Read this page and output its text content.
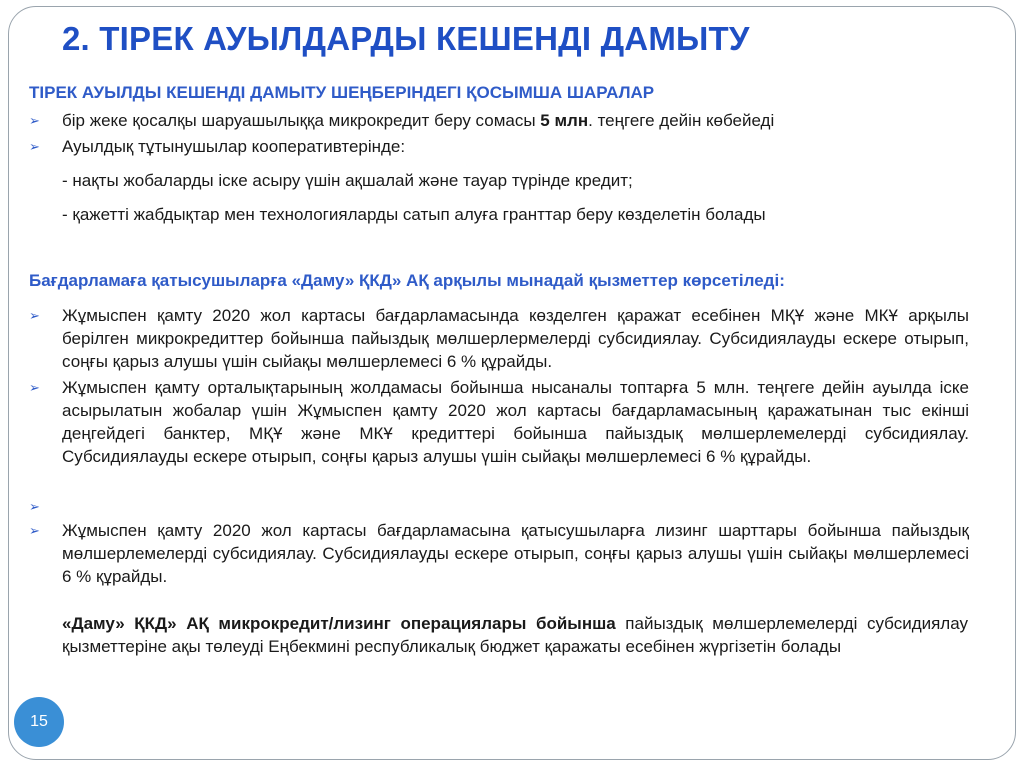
2. ТІРЕК АУЫЛДАРДЫ КЕШЕНДІ ДАМЫТУ
ТІРЕК АУЫЛДЫ КЕШЕНДІ ДАМЫТУ ШЕҢБЕРІНДЕГІ ҚОСЫМША ШАРАЛАР
➢ бір жеке қосалқы шаруашылыққа микрокредит беру сомасы 5 млн. теңгеге дейін көбейеді
➢ Ауылдық тұтынушылар кооперативтерінде:
- нақты жобаларды іске асыру үшін ақшалай және тауар түрінде кредит;
- қажетті жабдықтар мен технологияларды сатып алуға гранттар беру көзделетін болады
Бағдарламаға қатысушыларға «Даму» ҚКД» АҚ арқылы мынадай қызметтер көрсетіледі:
➢ Жұмыспен қамту 2020 жол картасы бағдарламасында көзделген қаражат есебінен МҚҰ және МКҰ арқылы берілген микрокредиттер бойынша пайыздық мөлшерлермелерді субсидиялау. Субсидиялауды ескере отырып, соңғы қарыз алушы үшін сыйақы мөлшерлемесі 6 % құрайды.
➢ Жұмыспен қамту орталықтарының жолдамасы бойынша нысаналы топтарға 5 млн. теңгеге дейін ауылда іске асырылатын жобалар үшін Жұмыспен қамту 2020 жол картасы бағдарламасының қаражатынан тыс екінші деңгейдегі банктер, МҚҰ және МКҰ кредиттері бойынша пайыздық мөлшерлемелерді субсидиялау. Субсидиялауды ескере отырып, соңғы қарыз алушы үшін сыйақы мөлшерлемесі 6 % құрайды.
➢
➢ Жұмыспен қамту 2020 жол картасы бағдарламасына қатысушыларға лизинг шарттары бойынша пайыздық мөлшерлемелерді субсидиялау. Субсидиялауды ескере отырып, соңғы қарыз алушы үшін сыйақы мөлшерлемесі 6 % құрайды.
«Даму» ҚКД» АҚ микрокредит/лизинг операциялары бойынша пайыздық мөлшерлемелерді субсидиялау қызметтеріне ақы төлеуді Еңбекмині республикалық бюджет қаражаты есебінен жүргізетін болады
15
